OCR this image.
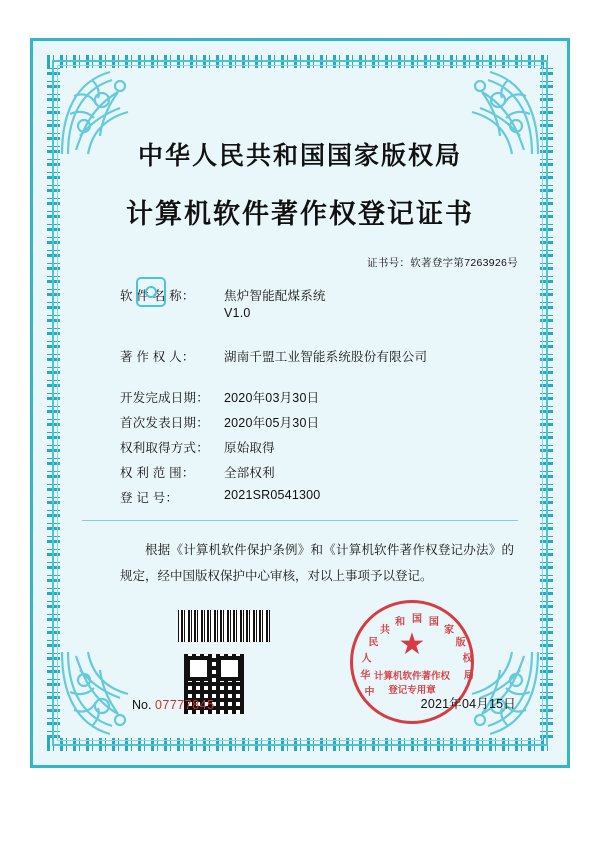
中华人民共和国国家版权局
计算机软件著作权登记证书
证书号：软著登字第7263926号
软 件 名 称：	焦炉智能配煤系统
V1.0
著 作 权 人：	湖南千盟工业智能系统股份有限公司
开发完成日期：	2020年03月30日
首次发表日期：	2020年05月30日
权利取得方式：	原始取得
权 利 范 围：	全部权利
登 记 号：	2021SR0541300

根据《计算机软件保护条例》和《计算机软件著作权登记办法》的规定，经中国版权保护中心审核，对以上事项予以登记。

中
华
人
民
共
和 国 国
家
版
权
局
★
计算机软件著作权
登记专用章
No. 07777845	2021年04月15日
